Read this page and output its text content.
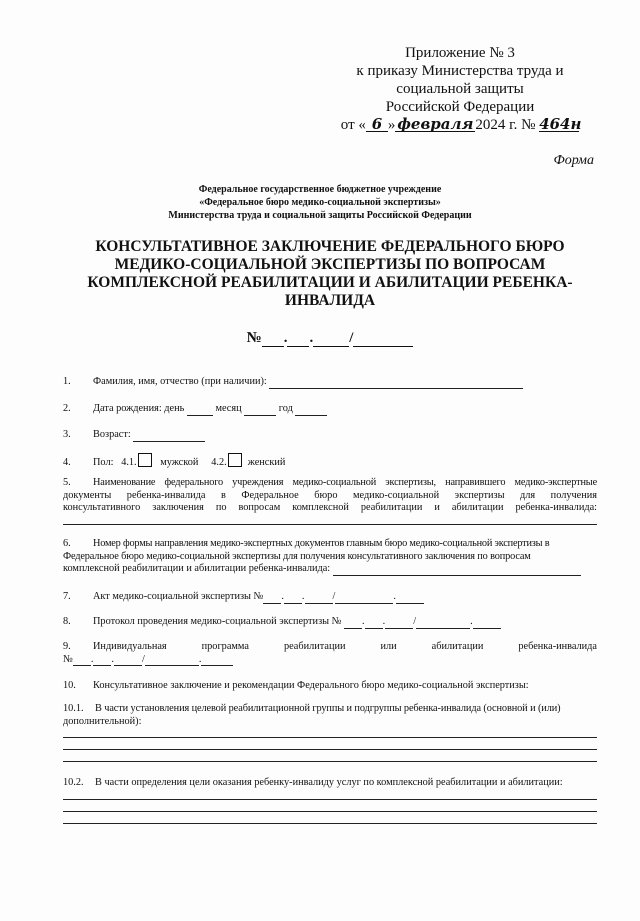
Приложение № 3
к приказу Министерства труда и
социальной защиты
Российской Федерации
от « 6 » февраля 2024 г. № 464н
Форма
Федеральное государственное бюджетное учреждение
«Федеральное бюро медико-социальной экспертизы»
Министерства труда и социальной защиты Российской Федерации
КОНСУЛЬТАТИВНОЕ ЗАКЛЮЧЕНИЕ ФЕДЕРАЛЬНОГО БЮРО
МЕДИКО-СОЦИАЛЬНОЙ ЭКСПЕРТИЗЫ ПО ВОПРОСАМ
КОМПЛЕКСНОЙ РЕАБИЛИТАЦИИ И АБИЛИТАЦИИ РЕБЕНКА-
ИНВАЛИДА
№ . . /
1. Фамилия, имя, отчество (при наличии):
2. Дата рождения: день	месяц	год
3. Возраст:
4. Пол: 4.1. мужской 4.2. женский
5. Наименование федерального учреждения медико-социальной экспертизы, направившего медико-экспертные
документы ребенка-инвалида в Федеральное бюро медико-социальной экспертизы для получения
консультативного заключения по вопросам комплексной реабилитации и абилитации ребенка-инвалида:
6. Номер формы направления медико-экспертных документов главным бюро медико-социальной экспертизы в
Федеральное бюро медико-социальной экспертизы для получения консультативного заключения по вопросам
комплексной реабилитации и абилитации ребенка-инвалида:
7. Акт медико-социальной экспертизы № . .	/	.
8. Протокол проведения медико-социальной экспертизы № . .	/	.
9. Индивидуальная программа реабилитации или абилитации ребенка-инвалида
№ . .	/	.
10. Консультативное заключение и рекомендации Федерального бюро медико-социальной экспертизы:
10.1. В части установления целевой реабилитационной группы и подгруппы ребенка-инвалида (основной и (или)
дополнительной):
10.2. В части определения цели оказания ребенку-инвалиду услуг по комплексной реабилитации и абилитации:
